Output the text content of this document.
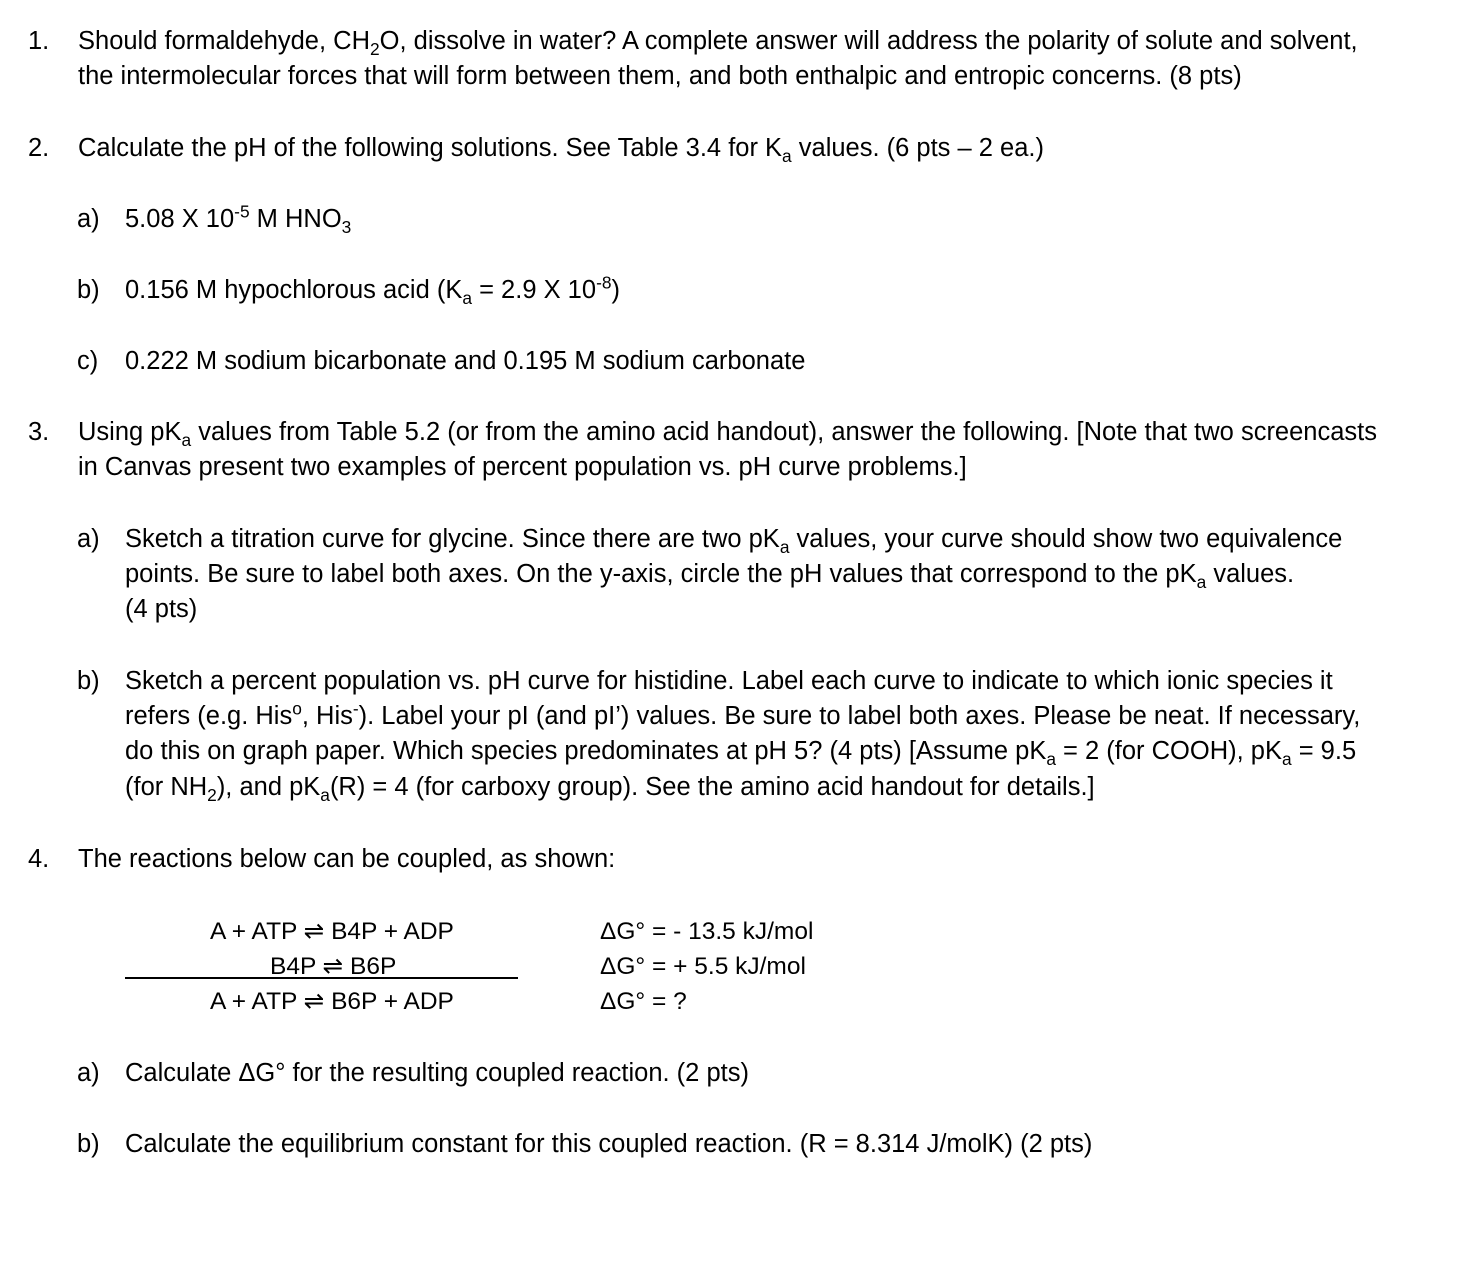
1. Should formaldehyde, $CH_2O$, dissolve in water? A complete answer will address the polarity of solute and solvent,
the intermolecular forces that will form between them, and both enthalpic and entropic concerns. (8 pts)
2. Calculate the pH of the following solutions. See Table 3.4 for $K_a$ values. (6 pts – 2 ea.)
a) 5.08 X $10^{-5}$ M $HNO_3$
b) 0.156 M hypochlorous acid ($K_a = 2.9$ X $10^{-8}$)
c) 0.222 M sodium bicarbonate and 0.195 M sodium carbonate
3. Using $pK_a$ values from Table 5.2 (or from the amino acid handout), answer the following. [Note that two screencasts
in Canvas present two examples of percent population vs. pH curve problems.]
a) Sketch a titration curve for glycine. Since there are two $pK_a$ values, your curve should show two equivalence
points. Be sure to label both axes. On the y-axis, circle the pH values that correspond to the $pK_a$ values.
(4 pts)
b) Sketch a percent population vs. pH curve for histidine. Label each curve to indicate to which ionic species it
refers (e.g. His$^o$, His-). Label your pI (and pI’) values. Be sure to label both axes. Please be neat. If necessary,
do this on graph paper. Which species predominates at pH 5? (4 pts) [Assume $pK_a = 2$ (for COOH), $pK_a = 9.5$
(for $NH_2$), and $pK_a(R) = 4$ (for carboxy group). See the amino acid handout for details.]
4. The reactions below can be coupled, as shown:
A + ATP ⇌ B4P + ADP	ΔG° = - 13.5 kJ/mol
B4P ⇌ B6P	ΔG° = + 5.5 kJ/mol
A + ATP ⇌ B6P + ADP	ΔG° = ?
a) Calculate ΔG° for the resulting coupled reaction. (2 pts)
b) Calculate the equilibrium constant for this coupled reaction. (R = 8.314 J/molK) (2 pts)
